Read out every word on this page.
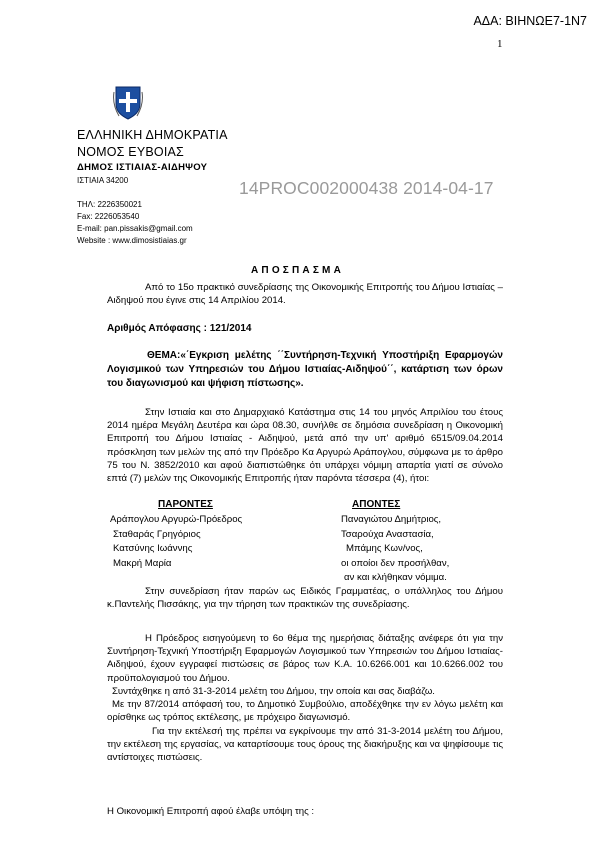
ΑΔΑ: ΒΙΗΝΩΕ7-1Ν7
1
ΕΛΛΗΝΙΚΗ ΔΗΜΟΚΡΑΤΙΑ
ΝΟΜΟΣ ΕΥΒΟΙΑΣ
ΔΗΜΟΣ ΙΣΤΙΑΙΑΣ-ΑΙΔΗΨΟΥ
ΙΣΤΙΑΙΑ 34200	14PROC002000438 2014-04-17
ΤΗΛ: 2226350021
Fax: 2226053540
E-mail: pan.pissakis@gmail.com
Website : www.dimosistiaias.gr
ΑΠΟΣΠΑΣΜΑ
Από το 15ο πρακτικό συνεδρίασης της Οικονομικής Επιτροπής του Δήμου Ιστιαίας – Αιδηψού που έγινε στις 14 Απριλίου 2014.
Αριθμός Απόφασης : 121/2014
ΘΕΜΑ:«΄Εγκριση μελέτης ΄΄Συντήρηση-Τεχνική Υποστήριξη Εφαρμογών Λογισμικού των Υπηρεσιών του Δήμου Ιστιαίας-Αιδηψού΄΄, κατάρτιση των όρων του διαγωνισμού και ψήφιση πίστωσης».
Στην Ιστιαία και στο Δημαρχιακό Κατάστημα στις 14 του μηνός Απριλίου του έτους 2014 ημέρα Μεγάλη Δευτέρα και ώρα 08.30, συνήλθε σε δημόσια συνεδρίαση η Οικονομική Επιτροπή του Δήμου Ιστιαίας - Αιδηψού, μετά από την υπ' αριθμό 6515/09.04.2014 πρόσκληση των μελών της από την Πρόεδρο Κα Αργυρώ Αράπογλου, σύμφωνα με το άρθρο 75 του Ν. 3852/2010 και αφού διαπιστώθηκε ότι υπάρχει νόμιμη απαρτία γιατί σε σύνολο επτά (7) μελών της Οικονομικής Επιτροπής ήταν παρόντα τέσσερα (4), ήτοι:
ΠΑΡΟΝΤΕΣ	ΑΠΟΝΤΕΣ
Αράπογλου Αργυρώ-Πρόεδρος
Σταθαράς Γρηγόριος
Κατσύνης Ιωάννης
Μακρή Μαρία
Παναγιώτου Δημήτριος,
Τσαρούχα Αναστασία,
Μπάμης Κων/νος,
οι οποίοι δεν προσήλθαν,
αν και κλήθηκαν νόμιμα.
Στην συνεδρίαση ήταν παρών ως Ειδικός Γραμματέας, ο υπάλληλος του Δήμου κ.Παντελής Πισσάκης, για την τήρηση των πρακτικών της συνεδρίασης.
Η Πρόεδρος εισηγούμενη το 6ο θέμα της ημερήσιας διάταξης ανέφερε ότι για την Συντήρηση-Τεχνική Υποστήριξη Εφαρμογών Λογισμικού των Υπηρεσιών του Δήμου Ιστιαίας-Αιδηψού, έχουν εγγραφεί πιστώσεις σε βάρος των Κ.Α. 10.6266.001 και 10.6266.002 του προϋπολογισμού του Δήμου.
Συντάχθηκε η από 31-3-2014 μελέτη του Δήμου, την οποία και σας διαβάζω.
Με την 87/2014 απόφασή του, το Δημοτικό Συμβούλιο, αποδέχθηκε την εν λόγω μελέτη και ορίσθηκε ως τρόπος εκτέλεσης, με πρόχειρο διαγωνισμό.
Για την εκτέλεσή της πρέπει να εγκρίνουμε την από 31-3-2014 μελέτη του Δήμου, την εκτέλεση της εργασίας, να καταρτίσουμε τους όρους της διακήρυξης και να ψηφίσουμε τις αντίστοιχες πιστώσεις.
Η Οικονομική Επιτροπή αφού έλαβε υπόψη της :
